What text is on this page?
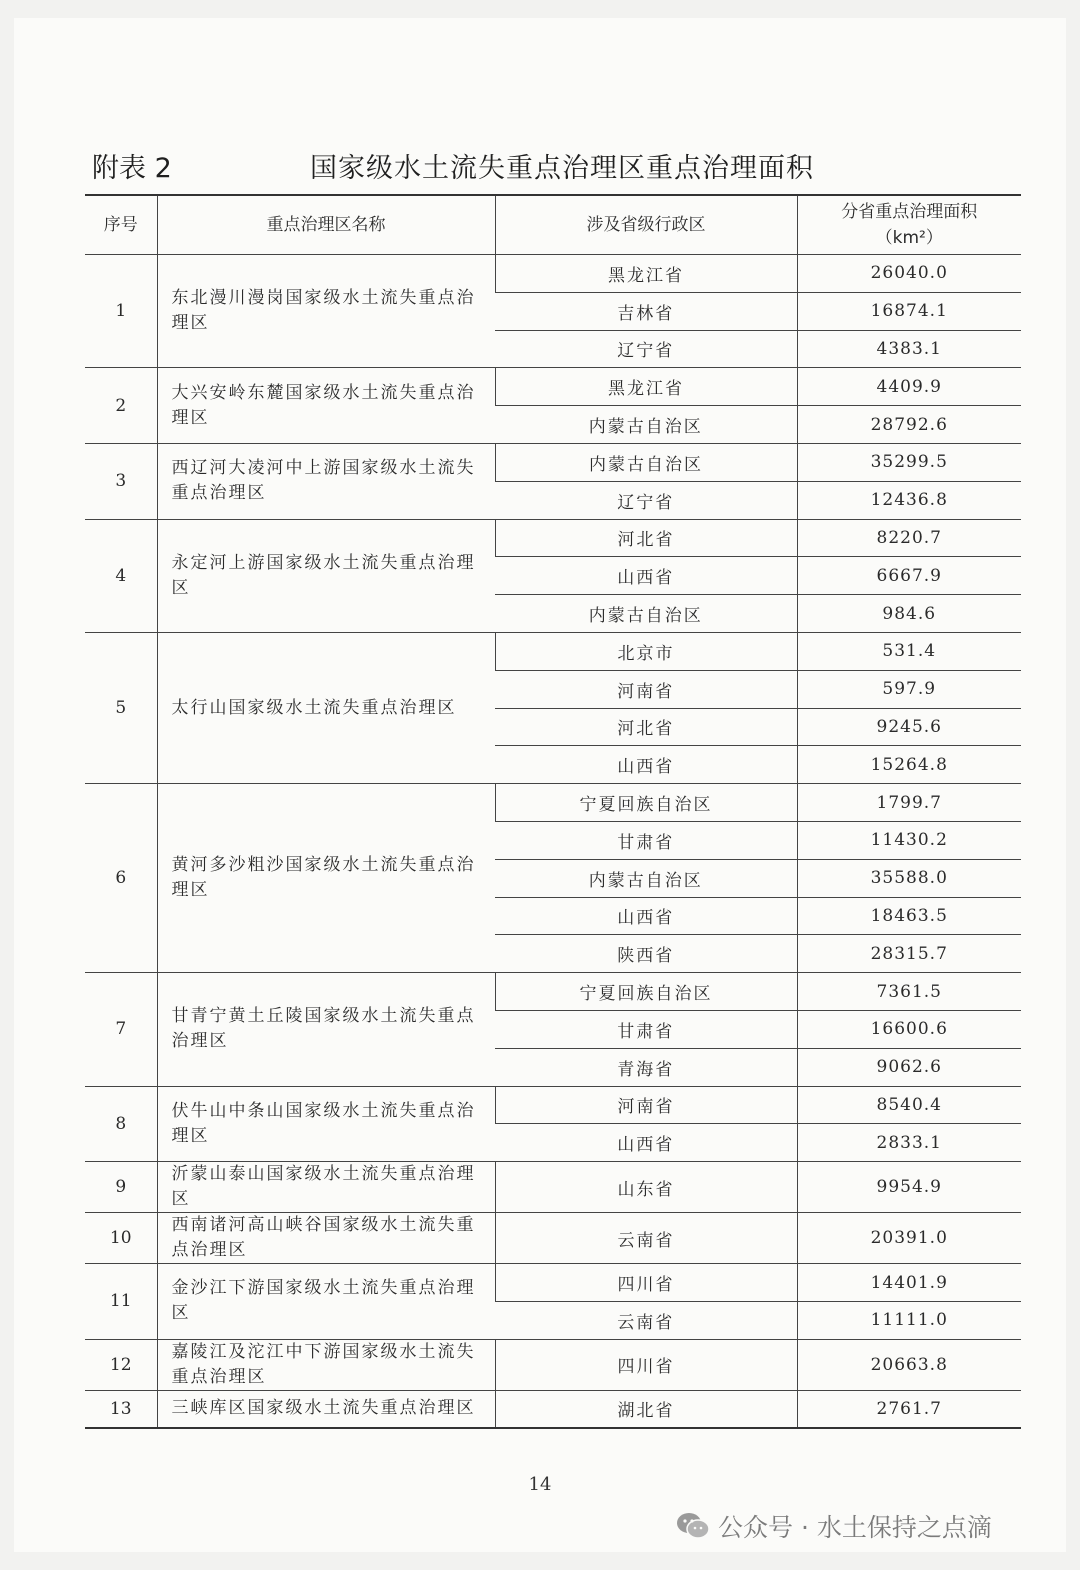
附表 2	国家级水土流失重点治理区重点治理面积
序号	重点治理区名称	涉及省级行政区	分省重点治理面积
（km²）

1	东北漫川漫岗国家级水土流失重点治理区	黑龙江省	26040.0
		吉林省	16874.1
		辽宁省	4383.1
2	大兴安岭东麓国家级水土流失重点治理区	黑龙江省	4409.9
		内蒙古自治区	28792.6
3	西辽河大凌河中上游国家级水土流失重点治理区	内蒙古自治区	35299.5
		辽宁省	12436.8
4	永定河上游国家级水土流失重点治理区	河北省	8220.7
		山西省	6667.9
		内蒙古自治区	984.6
5	太行山国家级水土流失重点治理区	北京市	531.4
		河南省	597.9
		河北省	9245.6
		山西省	15264.8
6	黄河多沙粗沙国家级水土流失重点治理区	宁夏回族自治区	1799.7
		甘肃省	11430.2
		内蒙古自治区	35588.0
		山西省	18463.5
		陕西省	28315.7
7	甘青宁黄土丘陵国家级水土流失重点治理区	宁夏回族自治区	7361.5
		甘肃省	16600.6
		青海省	9062.6
8	伏牛山中条山国家级水土流失重点治理区	河南省	8540.4
		山西省	2833.1
9	沂蒙山泰山国家级水土流失重点治理区	山东省	9954.9
10	西南诸河高山峡谷国家级水土流失重点治理区	云南省	20391.0
11	金沙江下游国家级水土流失重点治理区	四川省	14401.9
		云南省	11111.0
12	嘉陵江及沱江中下游国家级水土流失重点治理区	四川省	20663.8
13	三峡库区国家级水土流失重点治理区	湖北省	2761.7
14
公众号 · 水土保持之点滴
